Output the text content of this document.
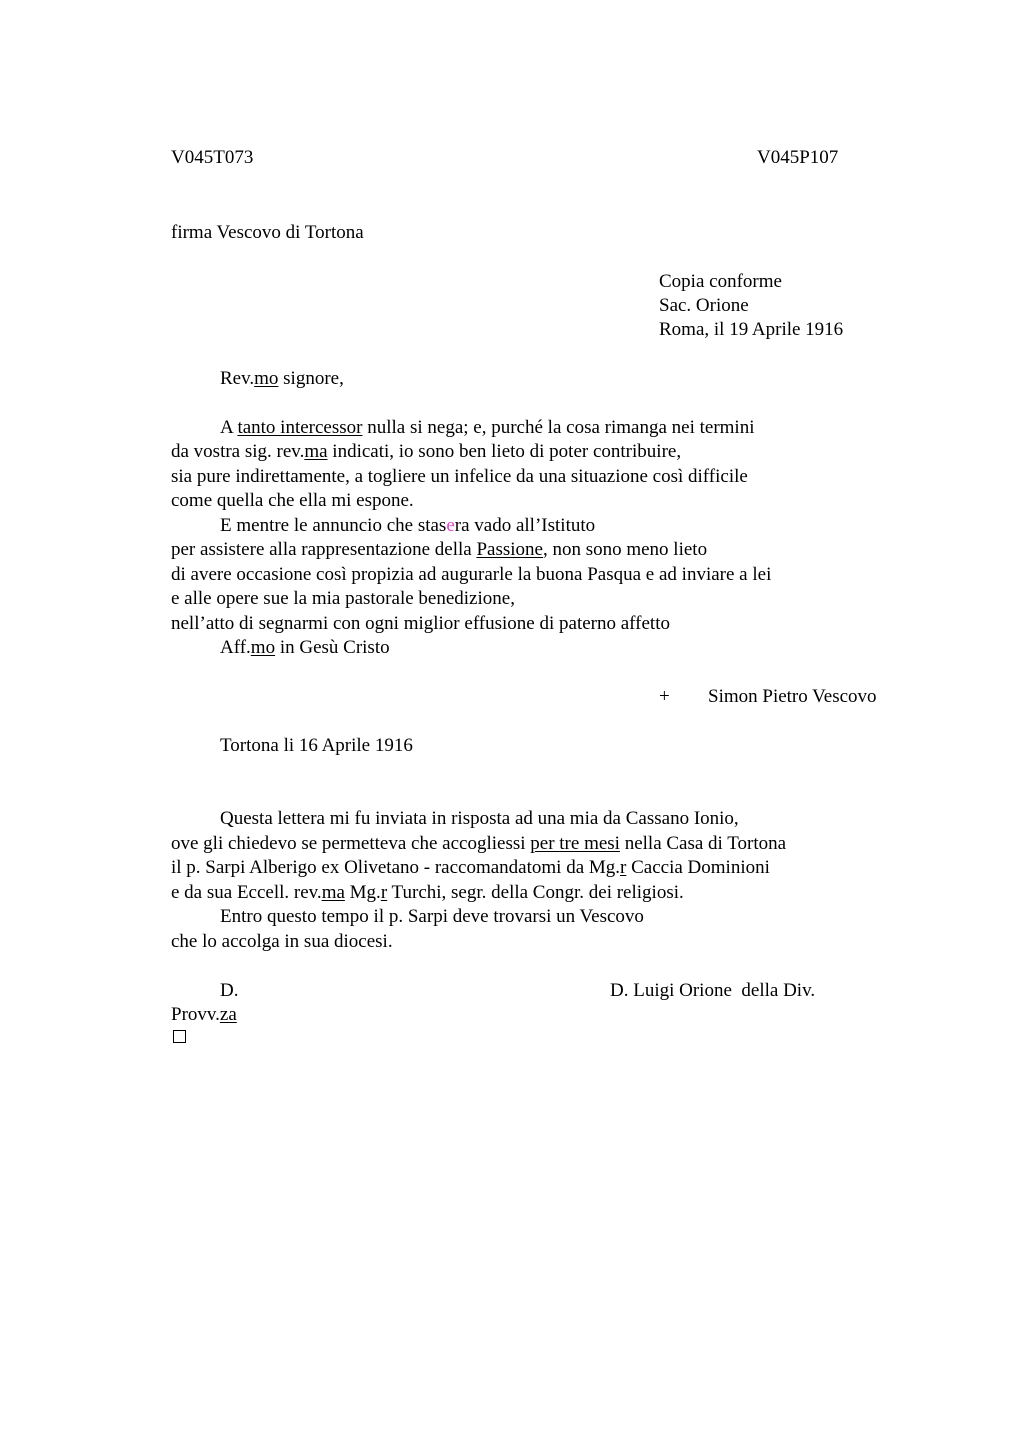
V045T073	V045P107
firma Vescovo di Tortona
Copia conforme
Sac. Orione
Roma, il 19 Aprile 1916
Rev.mo signore,
A tanto intercessor nulla si nega; e, purché la cosa rimanga nei termini
da vostra sig. rev.ma indicati, io sono ben lieto di poter contribuire,
sia pure indirettamente, a togliere un infelice da una situazione così difficile
come quella che ella mi espone.
E mentre le annuncio che stasera vado all’Istituto
per assistere alla rappresentazione della Passione, non sono meno lieto
di avere occasione così propizia ad augurarle la buona Pasqua e ad inviare a lei
e alle opere sue la mia pastorale benedizione,
nell’atto di segnarmi con ogni miglior effusione di paterno affetto
Aff.mo in Gesù Cristo
+ Simon Pietro Vescovo
Tortona li 16 Aprile 1916
Questa lettera mi fu inviata in risposta ad una mia da Cassano Ionio,
ove gli chiedevo se permetteva che accogliessi per tre mesi nella Casa di Tortona
il p. Sarpi Alberigo ex Olivetano - raccomandatomi da Mg.r Caccia Dominioni
e da sua Eccell. rev.ma Mg.r Turchi, segr. della Congr. dei religiosi.
Entro questo tempo il p. Sarpi deve trovarsi un Vescovo
che lo accolga in sua diocesi.
D.	D. Luigi Orione  della Div.
Provv.za
